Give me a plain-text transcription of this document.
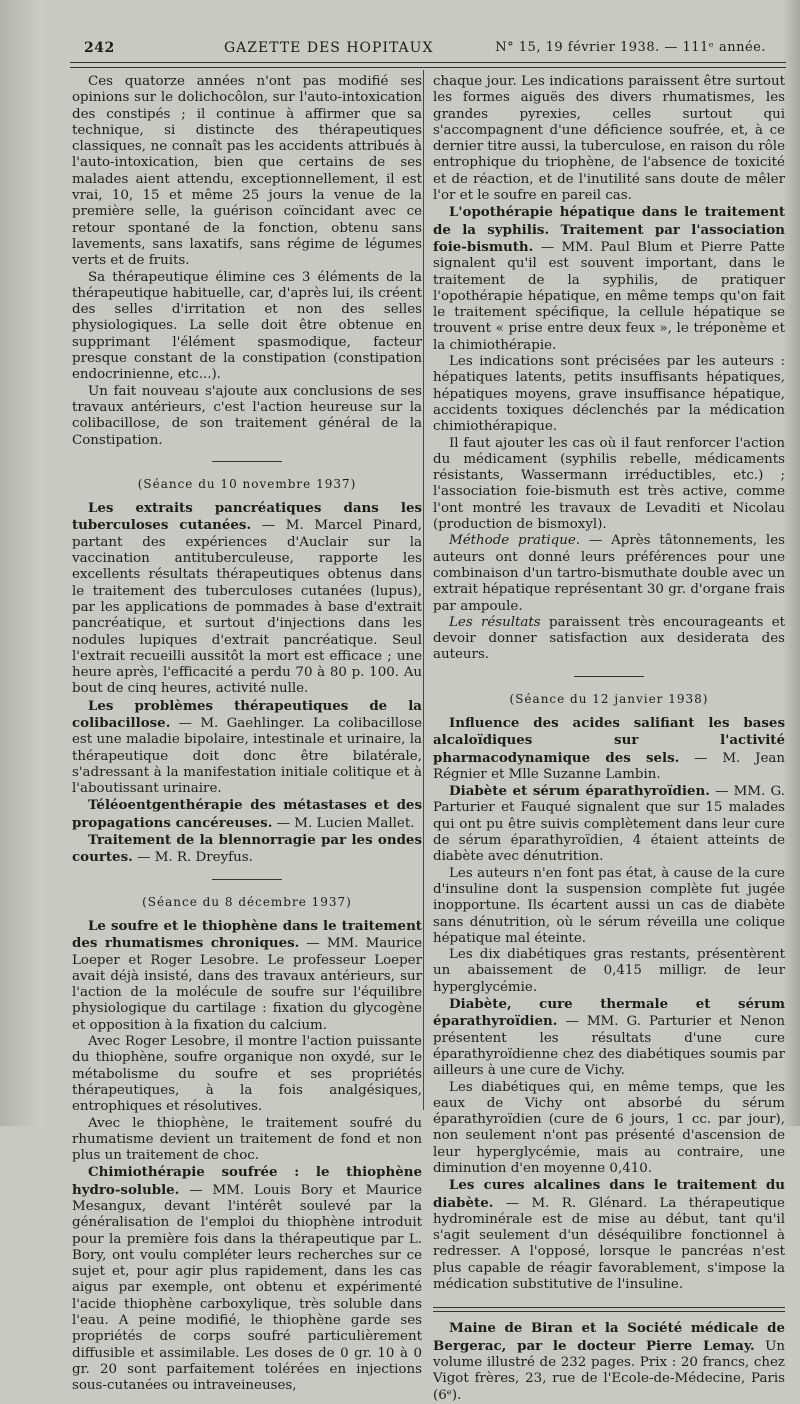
242	GAZETTE DES HOPITAUX	N° 15, 19 février 1938. — 111ᵉ année.

Ces quatorze années n'ont pas modifié ses opinions sur le dolichocôlon, sur l'auto-intoxication des constipés ; il continue à affirmer que sa technique, si distincte des thérapeutiques classiques, ne connaît pas les accidents attribués à l'auto-intoxication, bien que certains de ses malades aient attendu, exceptionnellement, il est vrai, 10, 15 et même 25 jours la venue de la première selle, la guérison coïncidant avec ce retour spontané de la fonction, obtenu sans lavements, sans laxatifs, sans régime de légumes verts et de fruits.

Sa thérapeutique élimine ces 3 éléments de la thérapeutique habituelle, car, d'après lui, ils créent des selles d'irritation et non des selles physiologiques. La selle doit être obtenue en supprimant l'élément spasmodique, facteur presque constant de la constipation (constipation endocrinienne, etc...).

Un fait nouveau s'ajoute aux conclusions de ses travaux antérieurs, c'est l'action heureuse sur la colibacillose, de son traitement général de la Constipation.

(Séance du 10 novembre 1937)

Les extraits pancréatiques dans les tuberculoses cutanées. — M. Marcel Pinard, partant des expériences d'Auclair sur la vaccination antituberculeuse, rapporte les excellents résultats thérapeutiques obtenus dans le traitement des tuberculoses cutanées (lupus), par les applications de pommades à base d'extrait pancréatique, et surtout d'injections dans les nodules lupiques d'extrait pancréatique. Seul l'extrait recueilli aussitôt la mort est efficace ; une heure après, l'efficacité a perdu 70 à 80 p. 100. Au bout de cinq heures, activité nulle.

Les problèmes thérapeutiques de la colibacillose. — M. Gaehlinger. La colibacillose est une maladie bipolaire, intestinale et urinaire, la thérapeutique doit donc être bilatérale, s'adressant à la manifestation initiale colitique et à l'aboutissant urinaire.

Téléoentgenthérapie des métastases et des propagations cancéreuses. — M. Lucien Mallet.

Traitement de la blennorragie par les ondes courtes. — M. R. Dreyfus.

(Séance du 8 décembre 1937)

Le soufre et le thiophène dans le traitement des rhumatismes chroniques. — MM. Maurice Loeper et Roger Lesobre. Le professeur Loeper avait déjà insisté, dans des travaux antérieurs, sur l'action de la molécule de soufre sur l'équilibre physiologique du cartilage : fixation du glycogène et opposition à la fixation du calcium.

Avec Roger Lesobre, il montre l'action puissante du thiophène, soufre organique non oxydé, sur le métabolisme du soufre et ses propriétés thérapeutiques, à la fois analgésiques, entrophiques et résolutives.

Avec le thiophène, le traitement soufré du rhumatisme devient un traitement de fond et non plus un traitement de choc.

Chimiothérapie soufrée : le thiophène hydro-soluble. — MM. Louis Bory et Maurice Mesangux, devant l'intérêt soulevé par la généralisation de l'emploi du thiophène introduit pour la première fois dans la thérapeutique par L. Bory, ont voulu compléter leurs recherches sur ce sujet et, pour agir plus rapidement, dans les cas aigus par exemple, ont obtenu et expérimenté l'acide thiophène carboxylique, très soluble dans l'eau. A peine modifié, le thiophène garde ses propriétés de corps soufré particulièrement diffusible et assimilable. Les doses de 0 gr. 10 à 0 gr. 20 sont parfaitement tolérées en injections sous-cutanées ou intraveineuses,

chaque jour. Les indications paraissent être surtout les formes aiguës des divers rhumatismes, les grandes pyrexies, celles surtout qui s'accompagnent d'une déficience soufrée, et, à ce dernier titre aussi, la tuberculose, en raison du rôle entrophique du triophène, de l'absence de toxicité et de réaction, et de l'inutilité sans doute de mêler l'or et le soufre en pareil cas.

L'opothérapie hépatique dans le traitement de la syphilis. Traitement par l'association foie-bismuth. — MM. Paul Blum et Pierre Patte signalent qu'il est souvent important, dans le traitement de la syphilis, de pratiquer l'opothérapie hépatique, en même temps qu'on fait le traitement spécifique, la cellule hépatique se trouvent « prise entre deux feux », le tréponème et la chimiothérapie.

Les indications sont précisées par les auteurs : hépatiques latents, petits insuffisants hépatiques, hépatiques moyens, grave insuffisance hépatique, accidents toxiques déclenchés par la médication chimiothérapique.

Il faut ajouter les cas où il faut renforcer l'action du médicament (syphilis rebelle, médicaments résistants, Wassermann irréductibles, etc.) ; l'association foie-bismuth est très active, comme l'ont montré les travaux de Levaditi et Nicolau (production de bismoxyl).

Méthode pratique. — Après tâtonnements, les auteurs ont donné leurs préférences pour une combinaison d'un tartro-bismuthate double avec un extrait hépatique représentant 30 gr. d'organe frais par ampoule.

Les résultats paraissent très encourageants et devoir donner satisfaction aux desiderata des auteurs.

(Séance du 12 janvier 1938)

Influence des acides salifiant les bases alcaloïdiques sur l'activité pharmacodynamique des sels. — M. Jean Régnier et Mlle Suzanne Lambin.

Diabète et sérum éparathyroïdien. — MM. G. Parturier et Fauqué signalent que sur 15 malades qui ont pu être suivis complètement dans leur cure de sérum éparathyroïdien, 4 étaient atteints de diabète avec dénutrition.

Les auteurs n'en font pas état, à cause de la cure d'insuline dont la suspension complète fut jugée inopportune. Ils écartent aussi un cas de diabète sans dénutrition, où le sérum réveilla une colique hépatique mal éteinte.

Les dix diabétiques gras restants, présentèrent un abaissement de 0,415 milligr. de leur hyperglycémie.

Diabète, cure thermale et sérum éparathyroïdien. — MM. G. Parturier et Nenon présentent les résultats d'une cure éparathyroïdienne chez des diabétiques soumis par ailleurs à une cure de Vichy.

Les diabétiques qui, en même temps, que les eaux de Vichy ont absorbé du sérum éparathyroïdien (cure de 6 jours, 1 cc. par jour), non seulement n'ont pas présenté d'ascension de leur hyperglycémie, mais au contraire, une diminution d'en moyenne 0,410.

Les cures alcalines dans le traitement du diabète. — M. R. Glénard. La thérapeutique hydrominérale est de mise au début, tant qu'il s'agit seulement d'un déséquilibre fonctionnel à redresser. A l'opposé, lorsque le pancréas n'est plus capable de réagir favorablement, s'impose la médication substitutive de l'insuline.

Maine de Biran et la Société médicale de Bergerac, par le docteur Pierre Lemay. Un volume illustré de 232 pages. Prix : 20 francs, chez Vigot frères, 23, rue de l'Ecole-de-Médecine, Paris (6ᵉ).
